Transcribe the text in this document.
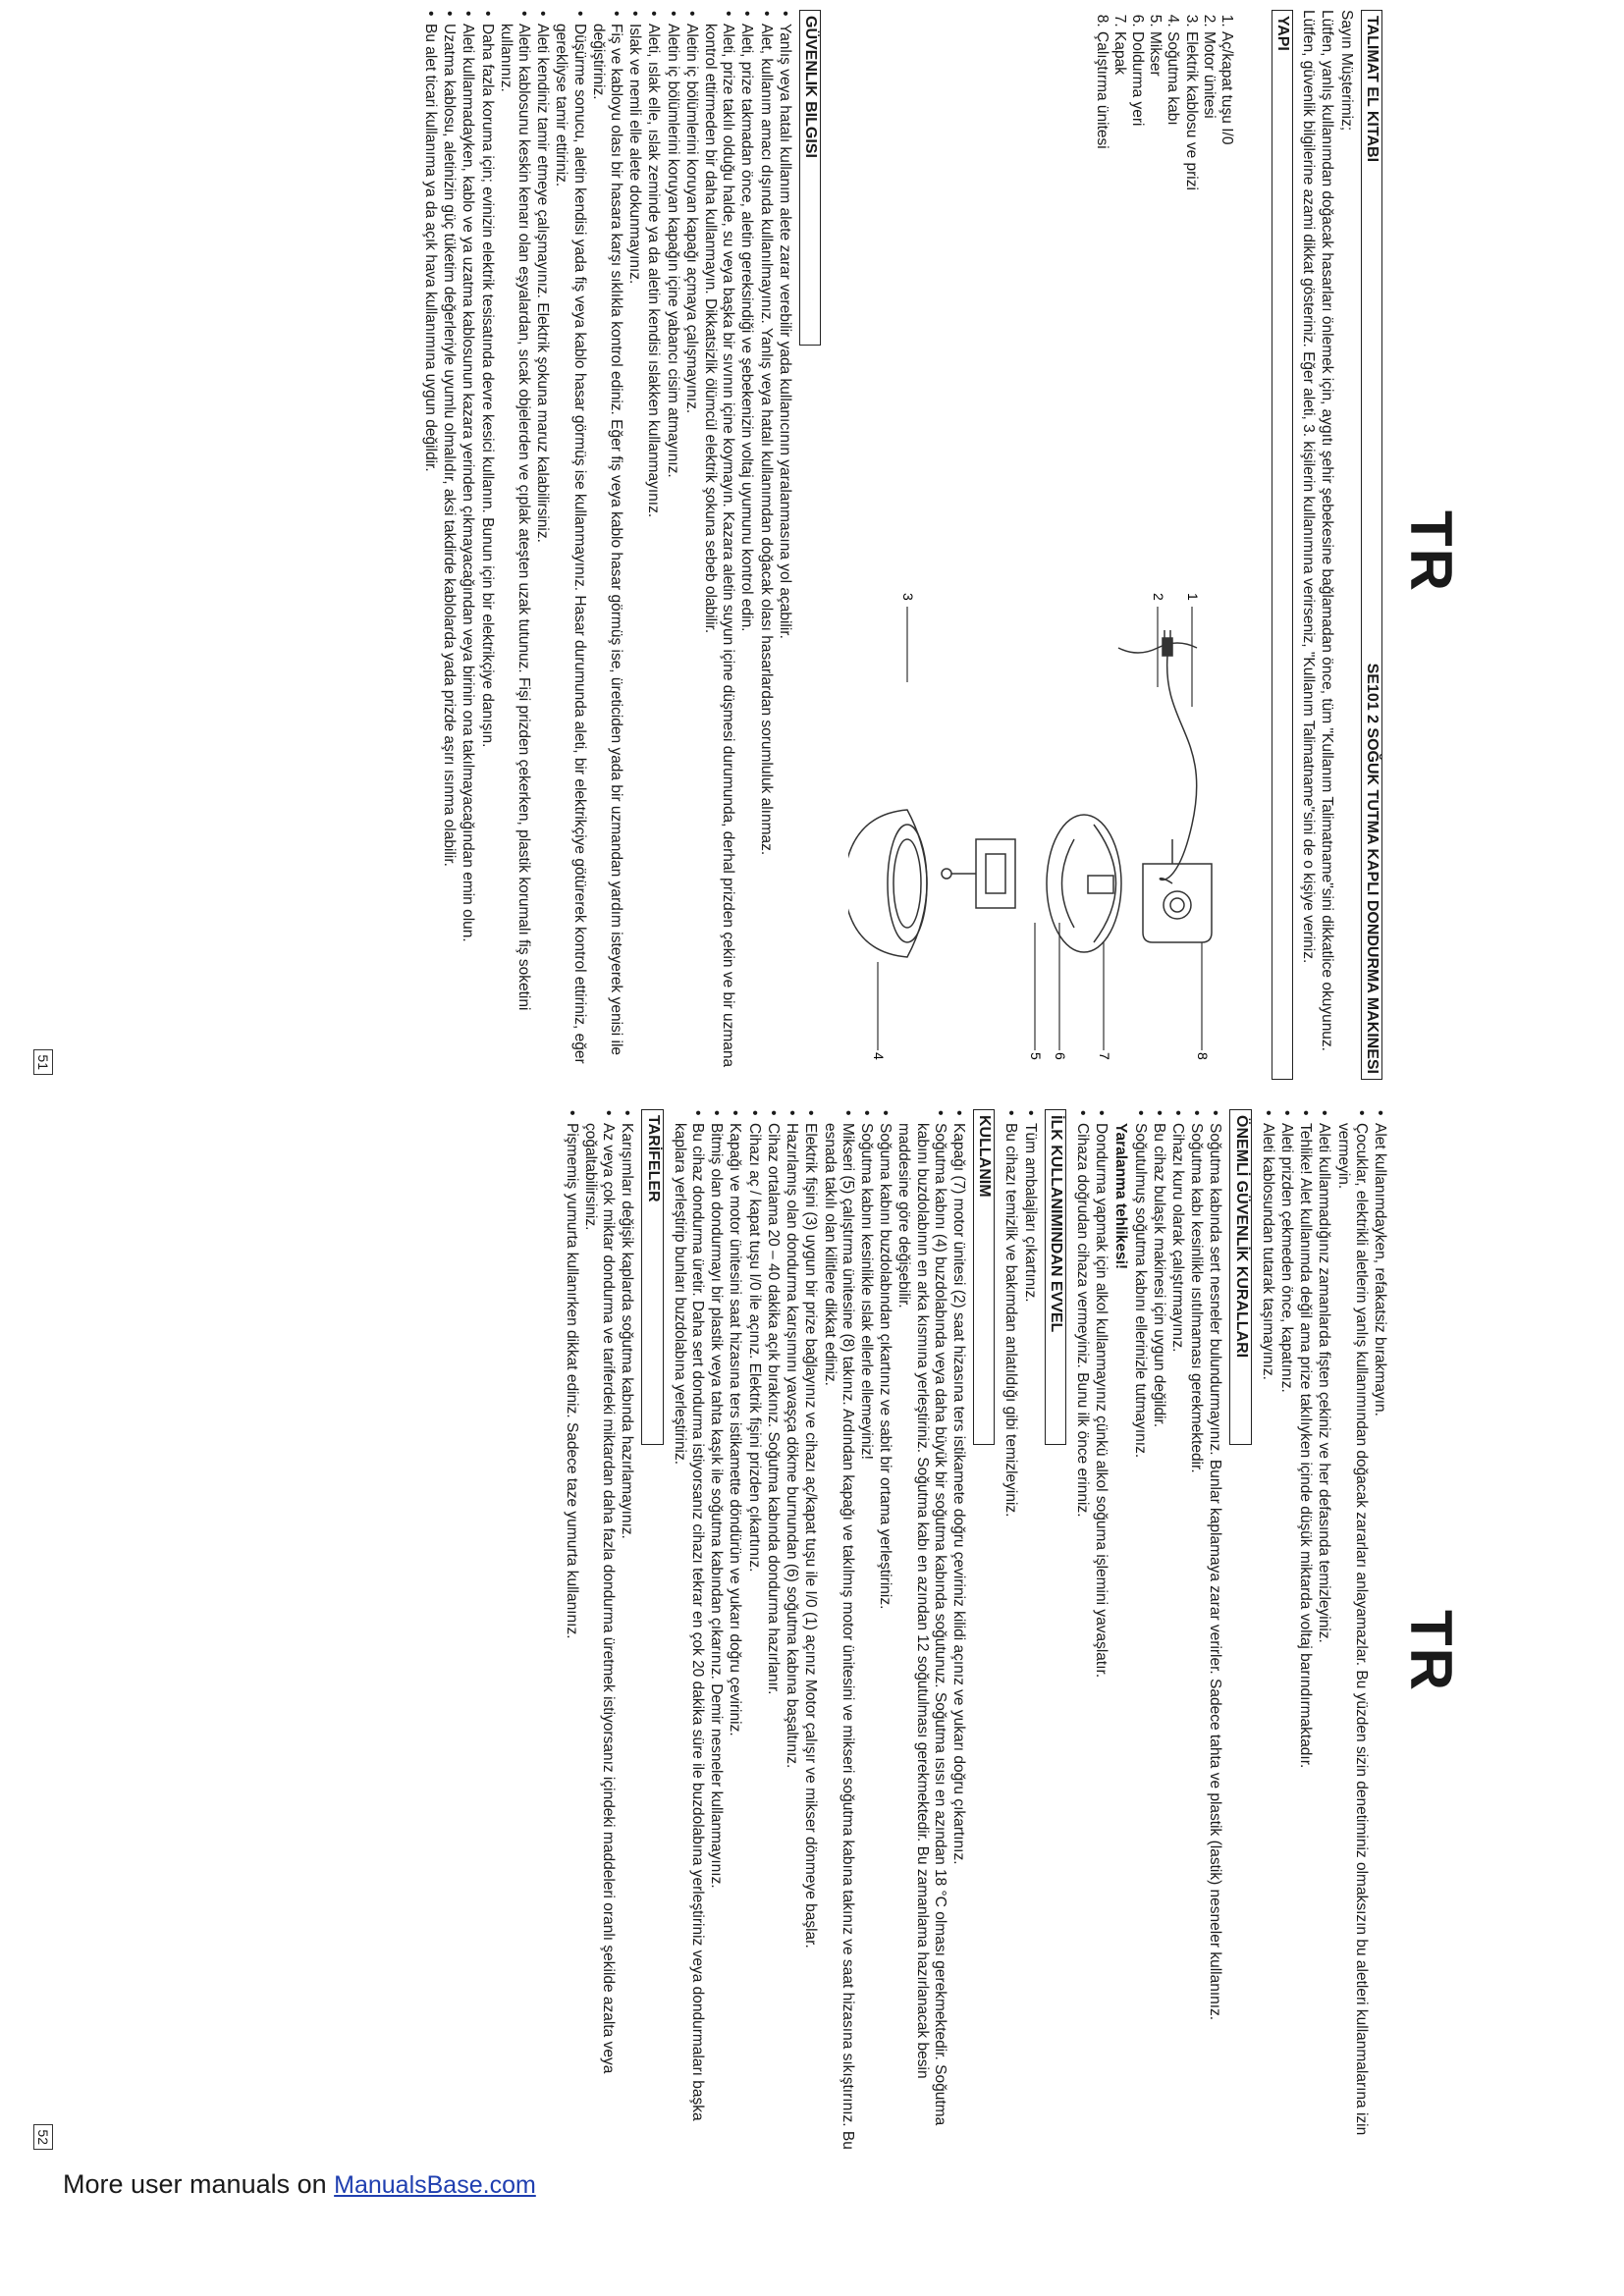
TR
TALIMAT EL KITABI
SE101 2 SOĞUK TUTMA KAPLI DONDURMA MAKINESI

Sayın Müşterimiz;

Lütfen, yanlış kullanımdan doğacak hasarları önlemek için, aygıtı şehir şebekesine bağlamadan önce, tüm "Kullanım Talimatname"sini dikkatlice okuyunuz. Lütfen, güvenlik bilgilerine azami dikkat gösteriniz. Eğer aleti, 3. kişilerin kullanımına verirseniz, "Kullanım Talimatname"sini de o kişiye veriniz.

YAPI
1. Aç/kapat tuşu I/0
2. Motor ünitesi
3. Elektrik kablosu ve prizi
4. Soğutma kabı
5. Mikser
6. Doldurma yeri
7. Kapak
8. Çalıştırma ünitesi
1
2
3
4	5 6 7	8
GÜVENLIK BILGISI
• Yanlış veya hatalı kullanım alete zarar verebilir yada kullanıcının yaralanmasına yol açabilir.
• Alet, kullanım amacı dışında kullanılmayınız. Yanlış veya hatalı kullanımdan doğacak olası hasarlardan sorumluluk alınmaz.
• Aleti, prize takmadan önce, aletin gereksindiği ve şebekenizin voltaj uyumunu kontrol edin.
• Aleti, prize takılı olduğu halde, su veya başka bir sıvının içine koymayın. Kazara aletin suyun içine düşmesi durumunda, derhal prizden çekin ve bir uzmana kontrol ettirmeden bir daha kullanmayın. Dikkatsizlik ölümcül elektrik şokuna sebeb olabilir.
• Aletin iç bölümlerini koruyan kapağı açmaya çalışmayınız.
• Aletin iç bölümlerini koruyan kapağın içine yabancı cisim atmayınız.
• Aleti, ıslak elle, ıslak zeminde ya da aletin kendisi ıslakken kullanmayınız.
• Islak ve nemli elle alete dokunmayınız.
• Fiş ve kabloyu olası bir hasara karşı sıklıkla kontrol ediniz. Eğer fiş veya kablo hasar görmüş ise, üreticiden yada bir uzmandan yardım isteyerek yenisi ile değiştiriniz.
• Düşürme sonucu, aletin kendisi yada fiş veya kablo hasar görmüş ise kullanmayınız. Hasar durumunda aleti, bir elektrikçiye götürerek kontrol ettiriniz, eğer gerekliyse tamir ettiriniz.
• Aleti kendiniz tamir etmeye çalışmayınız. Elektrik şokuna maruz kalabilirsiniz.
• Aletin kablosunu keskin kenarı olan eşyalardan, sıcak objelerden ve çıplak ateşten uzak tutunuz. Fişi prizden çekerken, plastik korumalı fiş soketini kullanınız.
• Daha fazla koruma için; evinizin elektrik tesisatında devre kesici kullanın. Bunun için bir elektrikçiye danışın.
• Aleti kullanmadayken, kablo ve ya uzatma kablosunun kazara yerinden çıkmayacağından veya birinin ona takılmayacağından emin olun.
• Uzatma kablosu, aletinizin güç tüketim değerleriyle uyumlu olmalıdır, aksi takdirde kablolarda yada prizde aşırı ısınma olabilir.
• Bu alet ticari kullanıma ya da açık hava kullanımına uygun değildir.
51
TR
• Alet kullanımdayken, refakatsiz bırakmayın.
• Çocuklar, elektrikli aletlerin yanlış kullanımından doğacak zararları anlayamazlar. Bu yüzden sizin denetiminiz olmaksızın bu aletleri kullanmalarına izin vermeyin.
• Aleti kullanmadığınız zamanlarda fişten çekiniz ve her defasında temizleyiniz.
• Tehlike! Alet kullanımda değil ama prize takılıyken içinde düşük miktarda voltaj barındırmaktadır.
• Aleti prizden çekmeden önce, kapatınız.
• Aleti kablosundan tutarak taşımayınız.
ÖNEMLİ GÜVENLİK KURALLARI
• Soğutma kabında sert nesneler bulundurmayınız. Bunlar kaplamaya zarar verirler. Sadece tahta ve plastik (lastik) nesneler kullanınız.
• Soğutma kabı kesinlikle ısıtılmaması gerekmektedir.
• Cihazı kuru olarak çalıştırmayınız.
• Bu cihaz bulaşık makinesi için uygun değildir.
• Soğutulmuş soğutma kabını ellerinizle tutmayınız.

Yaralanma tehlikesi!

• Dondurma yapmak için alkol kullanmayınız çünkü alkol soğuma işlemini yavaşlatır.
• Cihaza doğrudan cihaza vermeyiniz. Bunu ilk önce erinniz.
İLK KULLANIMINDAN EVVEL
• Tüm ambalajları çıkartınız.
• Bu cihazı temizlik ve bakımdan anlatıldığı gibi temizleyiniz.
KULLANIM
• Kapağı (7) motor ünitesi (2) saat hizasına ters istikamete doğru çeviriniz kilidi açınız ve yukarı doğru çıkartınız.
• Soğutma kabını (4) buzdolabında veya daha büyük bir soğutma kabında soğutunuz. Soğutma ısısı en azından 18 °C olması gerekmektedir. Soğutma kabını buzdolabının en arka kısmına yerleştiriniz. Soğutma kabı en azından 12 soğutulması gerekmektedir. Bu zamanlama hazırlanacak besin maddesine göre değişebilir.
• Soğuma kabını buzdolabından çıkartınız ve sabit bir ortama yerleştiriniz.
• Soğutma kabını kesinlikle ıslak ellerle ellemeyiniz!
• Mikseri (5) çalıştırma ünitesine (8) takınız. Ardından kapağı ve takılmış motor ünitesini ve mikseri soğutma kabına takınız ve saat hizasına sıkıştırınız. Bu esnada takılı olan kilitlere dikkat ediniz.
• Elektrik fişini (3) uygun bir prize bağlayınız ve cihazı aç/kapat tuşu ile I/0 (1) açınız Motor çalışır ve mikser dönmeye başlar.
• Hazırlamış olan dondurma karışımını yavaşça dökme burnundan (6) soğutma kabına başaltınız.
• Cihaz ortalama 20 – 40 dakika açık bırakınız. Soğutma kabında dondurma hazırlanır.
• Cihazı aç / kapat tuşu I/0 ile açınız. Elektrik fişini prizden çıkartınız.
• Kapağı ve motor ünitesini saat hizasına ters istikamette döndürün ve yukarı doğru çeviriniz.
• Bitmiş olan dondurmayı bir plastik veya tahta kaşık ile soğutma kabından çıkarınız. Demir nesneler kullanmayınız.
• Bu cihaz dondurma üretir. Daha sert dondurma istiyorsanız cihazı tekrar en çok 20 dakika süre ile buzdolabına yerleştiriniz veya dondurmaları başka kaplara yerleştirip bunları buzdolabına yerleştiriniz.
TARİFELER
• Karışımları değişik kaplarda soğutma kabında hazırlamayınız.
• Az veya çok miktar dondurma ve tariferdeki miktardan daha fazla dondurma üretmek istiyorsanız içindeki maddeleri oranlı şekilde azalta veya çoğaltabilirsiniz.
• Pişmemiş yumurta kullanırken dikkat ediniz. Sadece taze yumurta kullanınız.
52
More user manuals on ManualsBase.com
